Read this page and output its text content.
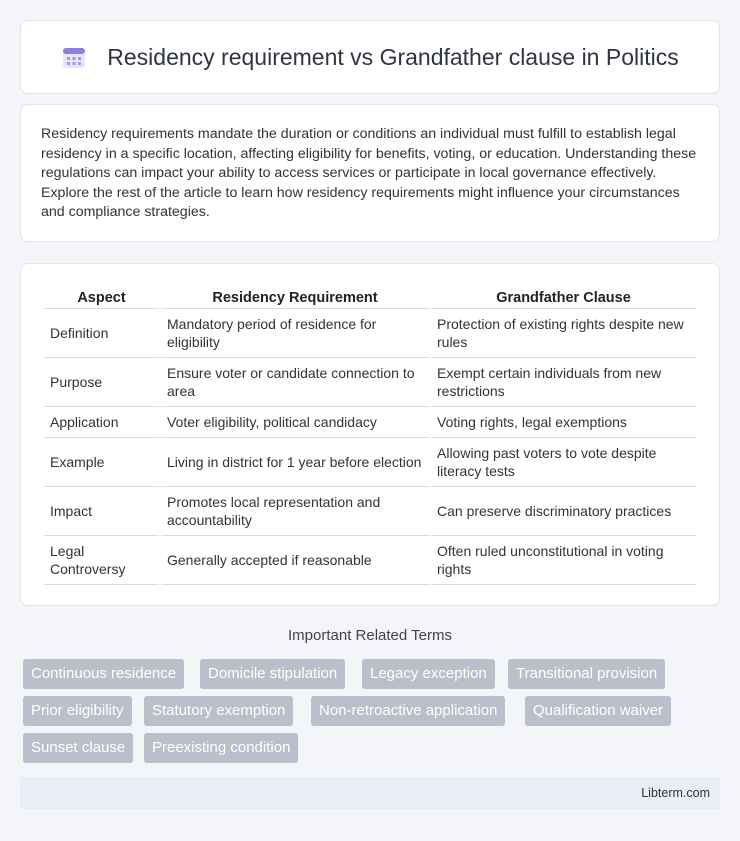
Residency requirement vs Grandfather clause in Politics

Residency requirements mandate the duration or conditions an individual must fulfill to establish legal residency in a specific location, affecting eligibility for benefits, voting, or education. Understanding these regulations can impact your ability to access services or participate in local governance effectively. Explore the rest of the article to learn how residency requirements might influence your circumstances and compliance strategies.

Aspect	Residency Requirement	Grandfather Clause
Definition	Mandatory period of residence for eligibility	Protection of existing rights despite new rules
Purpose	Ensure voter or candidate connection to area	Exempt certain individuals from new restrictions
Application	Voter eligibility, political candidacy	Voting rights, legal exemptions
Example	Living in district for 1 year before election	Allowing past voters to vote despite literacy tests
Impact	Promotes local representation and accountability	Can preserve discriminatory practices
Legal Controversy	Generally accepted if reasonable	Often ruled unconstitutional in voting rights
Important Related Terms
Continuous residence	Domicile stipulation	Legacy exception	Transitional provision
Prior eligibility	Statutory exemption	Non-retroactive application	Qualification waiver
Sunset clause	Preexisting condition
Libterm.com
